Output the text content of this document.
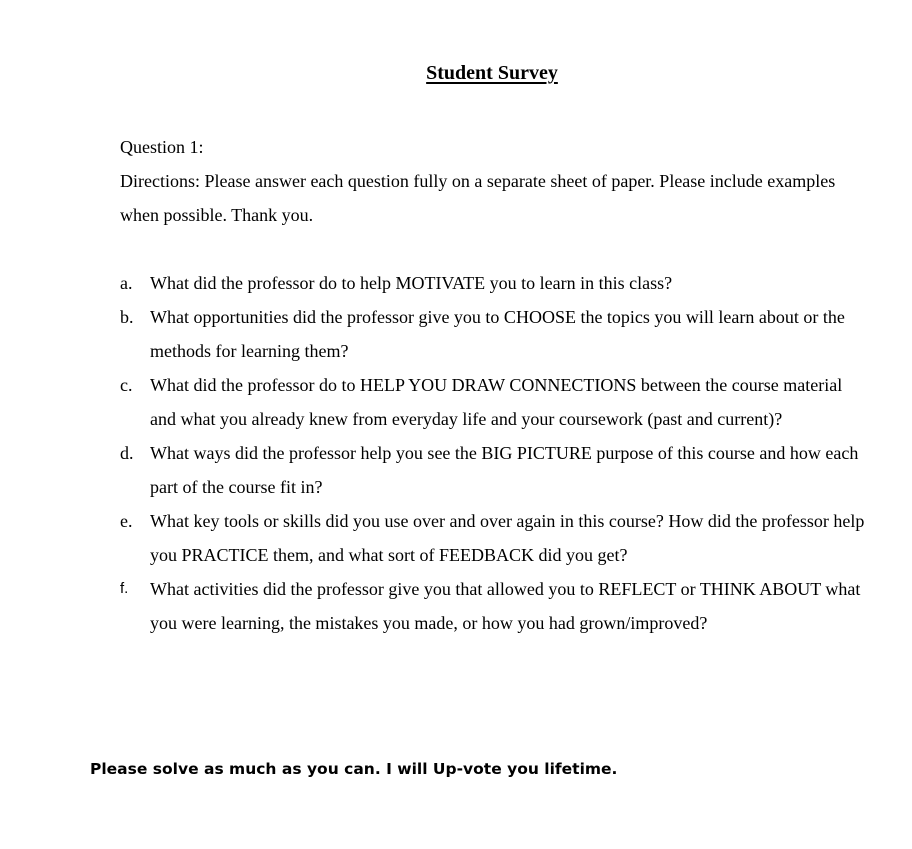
Student Survey
Question 1:
Directions: Please answer each question fully on a separate sheet of paper. Please include examples when possible. Thank you.
a. What did the professor do to help MOTIVATE you to learn in this class?
b. What opportunities did the professor give you to CHOOSE the topics you will learn about or the methods for learning them?
c. What did the professor do to HELP YOU DRAW CONNECTIONS between the course material and what you already knew from everyday life and your coursework (past and current)?
d. What ways did the professor help you see the BIG PICTURE purpose of this course and how each part of the course fit in?
e. What key tools or skills did you use over and over again in this course? How did the professor help you PRACTICE them, and what sort of FEEDBACK did you get?
f.	What activities did the professor give you that allowed you to REFLECT or THINK ABOUT what you were learning, the mistakes you made, or how you had grown/improved?
Please solve as much as you can. I will Up-vote you lifetime.
